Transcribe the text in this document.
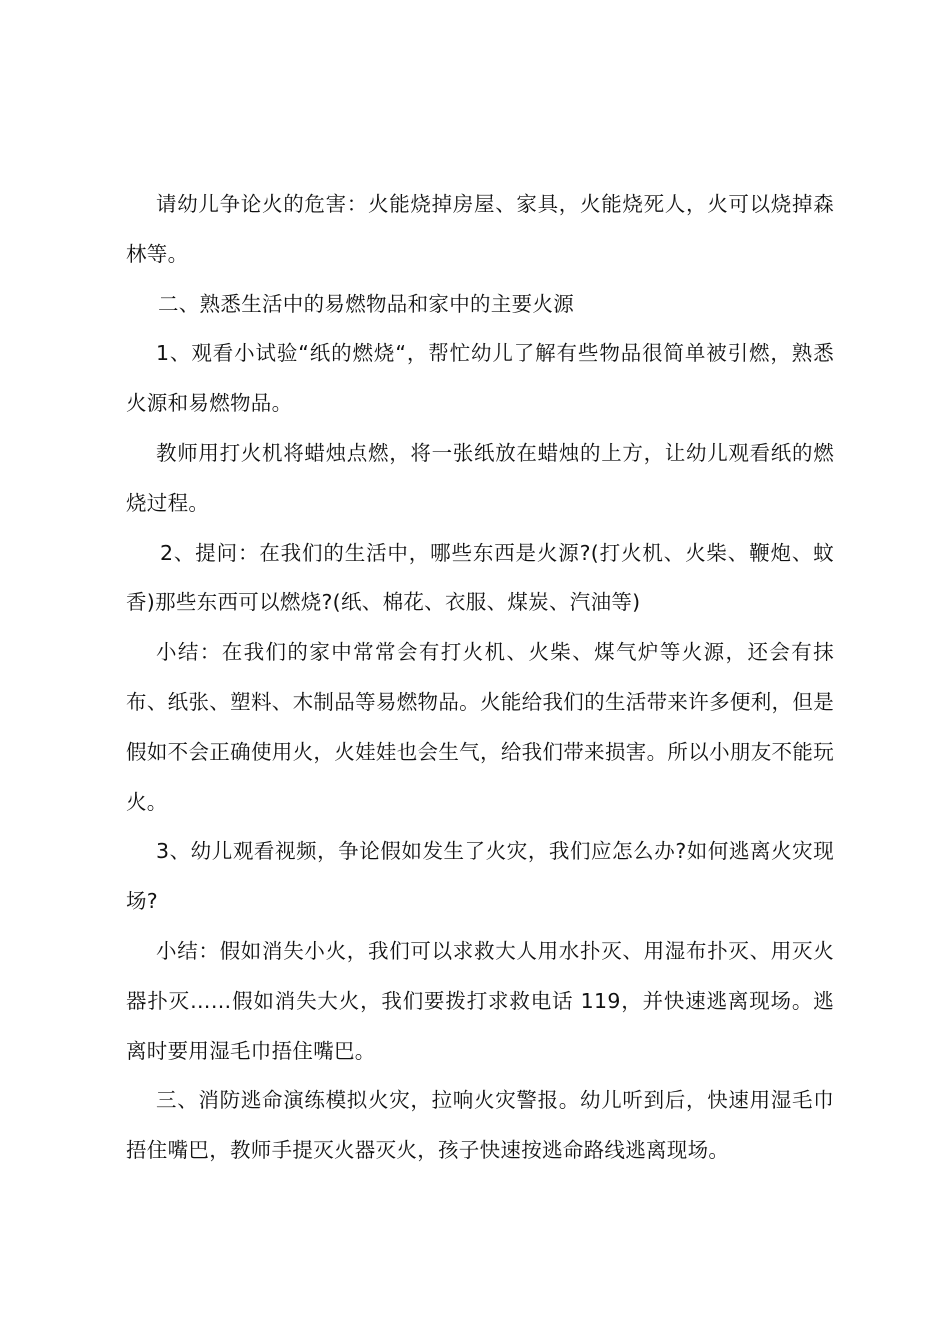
请幼儿争论火的危害：火能烧掉房屋、家具，火能烧死人，火可以烧掉森林等。

二、熟悉生活中的易燃物品和家中的主要火源

1、观看小试验“纸的燃烧“，帮忙幼儿了解有些物品很简单被引燃，熟悉火源和易燃物品。

教师用打火机将蜡烛点燃，将一张纸放在蜡烛的上方，让幼儿观看纸的燃烧过程。

2、提问：在我们的生活中，哪些东西是火源?(打火机、火柴、鞭炮、蚊香)那些东西可以燃烧?(纸、棉花、衣服、煤炭、汽油等)

小结：在我们的家中常常会有打火机、火柴、煤气炉等火源，还会有抹布、纸张、塑料、木制品等易燃物品。火能给我们的生活带来许多便利，但是假如不会正确使用火，火娃娃也会生气，给我们带来损害。所以小朋友不能玩火。

3、幼儿观看视频，争论假如发生了火灾，我们应怎么办?如何逃离火灾现场?

小结：假如消失小火，我们可以求救大人用水扑灭、用湿布扑灭、用灭火器扑灭……假如消失大火，我们要拨打求救电话 119，并快速逃离现场。逃离时要用湿毛巾捂住嘴巴。

三、消防逃命演练模拟火灾，拉响火灾警报。幼儿听到后，快速用湿毛巾捂住嘴巴，教师手提灭火器灭火，孩子快速按逃命路线逃离现场。
